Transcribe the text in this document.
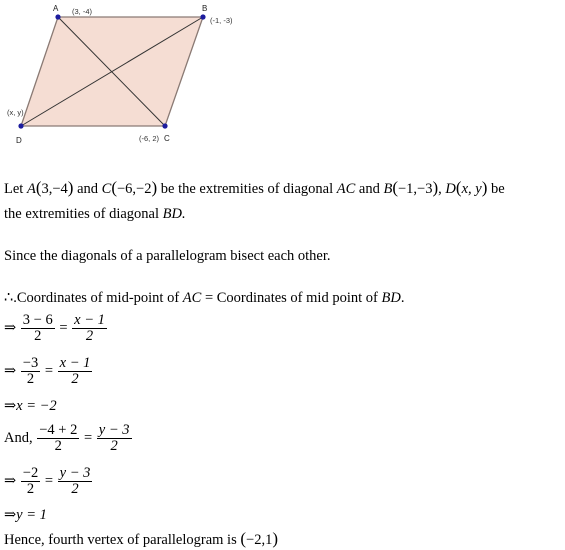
A (3, -4)	B
(-1, -3)
(-6, 2) C
(x, y)
D
Let A(3,−4) and C(−6,−2) be the extremities of diagonal AC and B(−1,−3), D(x, y) be
the extremities of diagonal BD.
Since the diagonals of a parallelogram bisect each other.
∴.Coordinates of mid-point of AC = Coordinates of mid point of BD.
⇒ $\frac{3 - 6}{2} = \frac{x - 1}{2}$
⇒ $\frac{-3}{2} = \frac{x - 1}{2}$
⇒x = −2
And, $\frac{-4 + 2}{2} = \frac{y - 3}{2}$
⇒ $\frac{-2}{2} = \frac{y - 3}{2}$
⇒y = 1
Hence, fourth vertex of parallelogram is (−2,1)
